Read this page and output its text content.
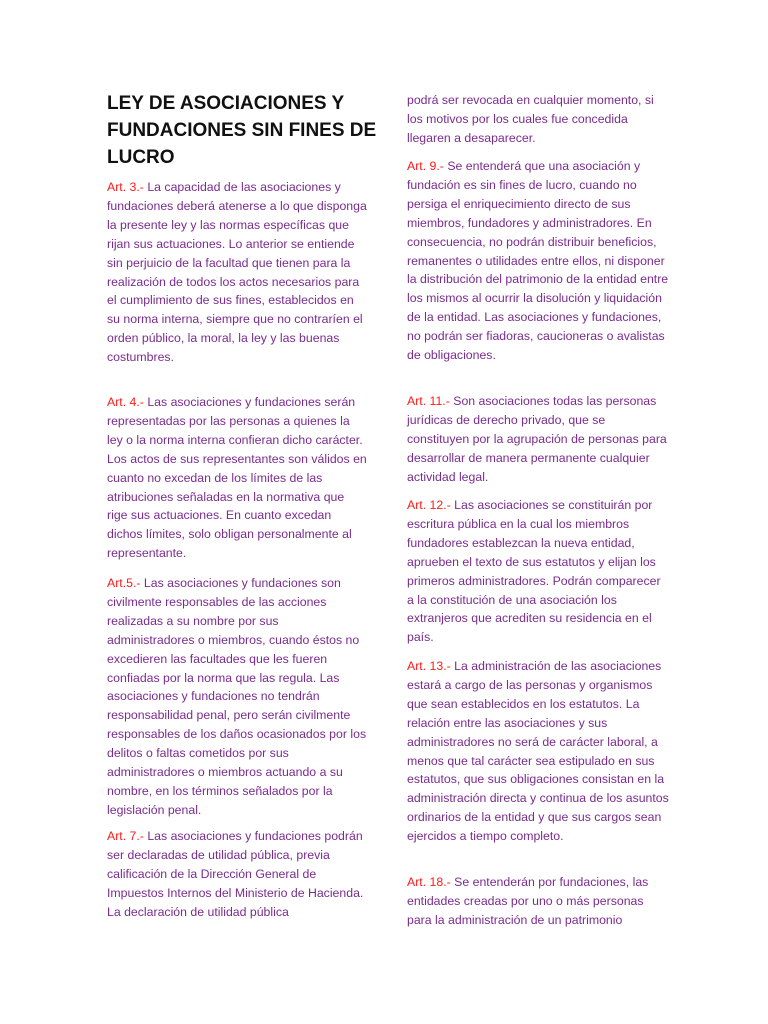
LEY DE ASOCIACIONES Y FUNDACIONES SIN FINES DE LUCRO

Art. 3.- La capacidad de las asociaciones y fundaciones deberá atenerse a lo que disponga la presente ley y las normas específicas que rijan sus actuaciones. Lo anterior se entiende sin perjuicio de la facultad que tienen para la realización de todos los actos necesarios para el cumplimiento de sus fines, establecidos en su norma interna, siempre que no contraríen el orden público, la moral, la ley y las buenas costumbres.

Art. 4.- Las asociaciones y fundaciones serán representadas por las personas a quienes la ley o la norma interna confieran dicho carácter. Los actos de sus representantes son válidos en cuanto no excedan de los límites de las atribuciones señaladas en la normativa que rige sus actuaciones. En cuanto excedan dichos límites, solo obligan personalmente al representante.

Art.5.- Las asociaciones y fundaciones son civilmente responsables de las acciones realizadas a su nombre por sus administradores o miembros, cuando éstos no excedieren las facultades que les fueren confiadas por la norma que las regula. Las asociaciones y fundaciones no tendrán responsabilidad penal, pero serán civilmente responsables de los daños ocasionados por los delitos o faltas cometidos por sus administradores o miembros actuando a su nombre, en los términos señalados por la legislación penal.

Art. 7.- Las asociaciones y fundaciones podrán ser declaradas de utilidad pública, previa calificación de la Dirección General de Impuestos Internos del Ministerio de Hacienda. La declaración de utilidad pública

podrá ser revocada en cualquier momento, si los motivos por los cuales fue concedida llegaren a desaparecer.

Art. 9.- Se entenderá que una asociación y fundación es sin fines de lucro, cuando no persiga el enriquecimiento directo de sus miembros, fundadores y administradores. En consecuencia, no podrán distribuir beneficios, remanentes o utilidades entre ellos, ni disponer la distribución del patrimonio de la entidad entre los mismos al ocurrir la disolución y liquidación de la entidad. Las asociaciones y fundaciones, no podrán ser fiadoras, caucioneras o avalistas de obligaciones.

Art. 11.- Son asociaciones todas las personas jurídicas de derecho privado, que se constituyen por la agrupación de personas para desarrollar de manera permanente cualquier actividad legal.

Art. 12.- Las asociaciones se constituirán por escritura pública en la cual los miembros fundadores establezcan la nueva entidad, aprueben el texto de sus estatutos y elijan los primeros administradores. Podrán comparecer a la constitución de una asociación los extranjeros que acrediten su residencia en el país.

Art. 13.- La administración de las asociaciones estará a cargo de las personas y organismos que sean establecidos en los estatutos. La relación entre las asociaciones y sus administradores no será de carácter laboral, a menos que tal carácter sea estipulado en sus estatutos, que sus obligaciones consistan en la administración directa y continua de los asuntos ordinarios de la entidad y que sus cargos sean ejercidos a tiempo completo.

Art. 18.- Se entenderán por fundaciones, las entidades creadas por uno o más personas para la administración de un patrimonio
